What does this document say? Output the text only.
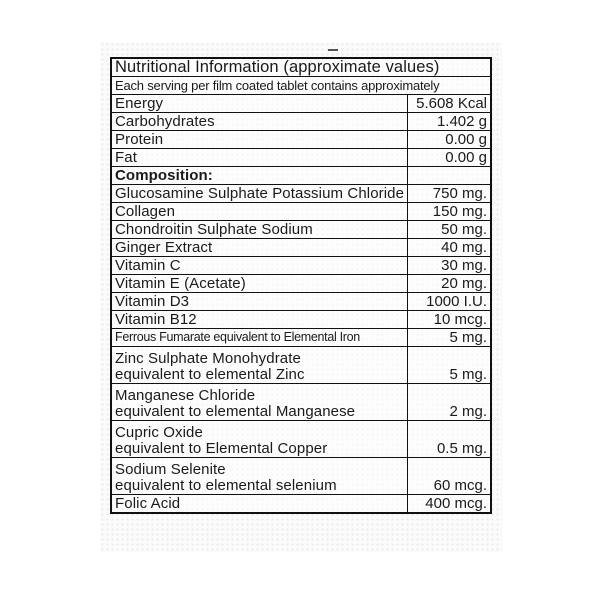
Nutritional Information (approximate values)	
Each serving per film coated tablet contains approximately	
Energy	5.608 Kcal
Carbohydrates	1.402 g
Protein	0.00 g
Fat	0.00 g
Composition:	
Glucosamine Sulphate Potassium Chloride	750 mg.
Collagen	150 mg.
Chondroitin Sulphate Sodium	50 mg.
Ginger Extract	40 mg.
Vitamin C	30 mg.
Vitamin E (Acetate)	20 mg.
Vitamin D3	1000 I.U.
Vitamin B12	10 mcg.
Ferrous Fumarate equivalent to Elemental Iron	5 mg.

Zinc Sulphate Monohydrate
equivalent to elemental Zinc	5 mg.

Manganese Chloride
equivalent to elemental Manganese	2 mg.

Cupric Oxide
equivalent to Elemental Copper	0.5 mg.

Sodium Selenite
equivalent to elemental selenium	60 mcg.
Folic Acid	400 mcg.
